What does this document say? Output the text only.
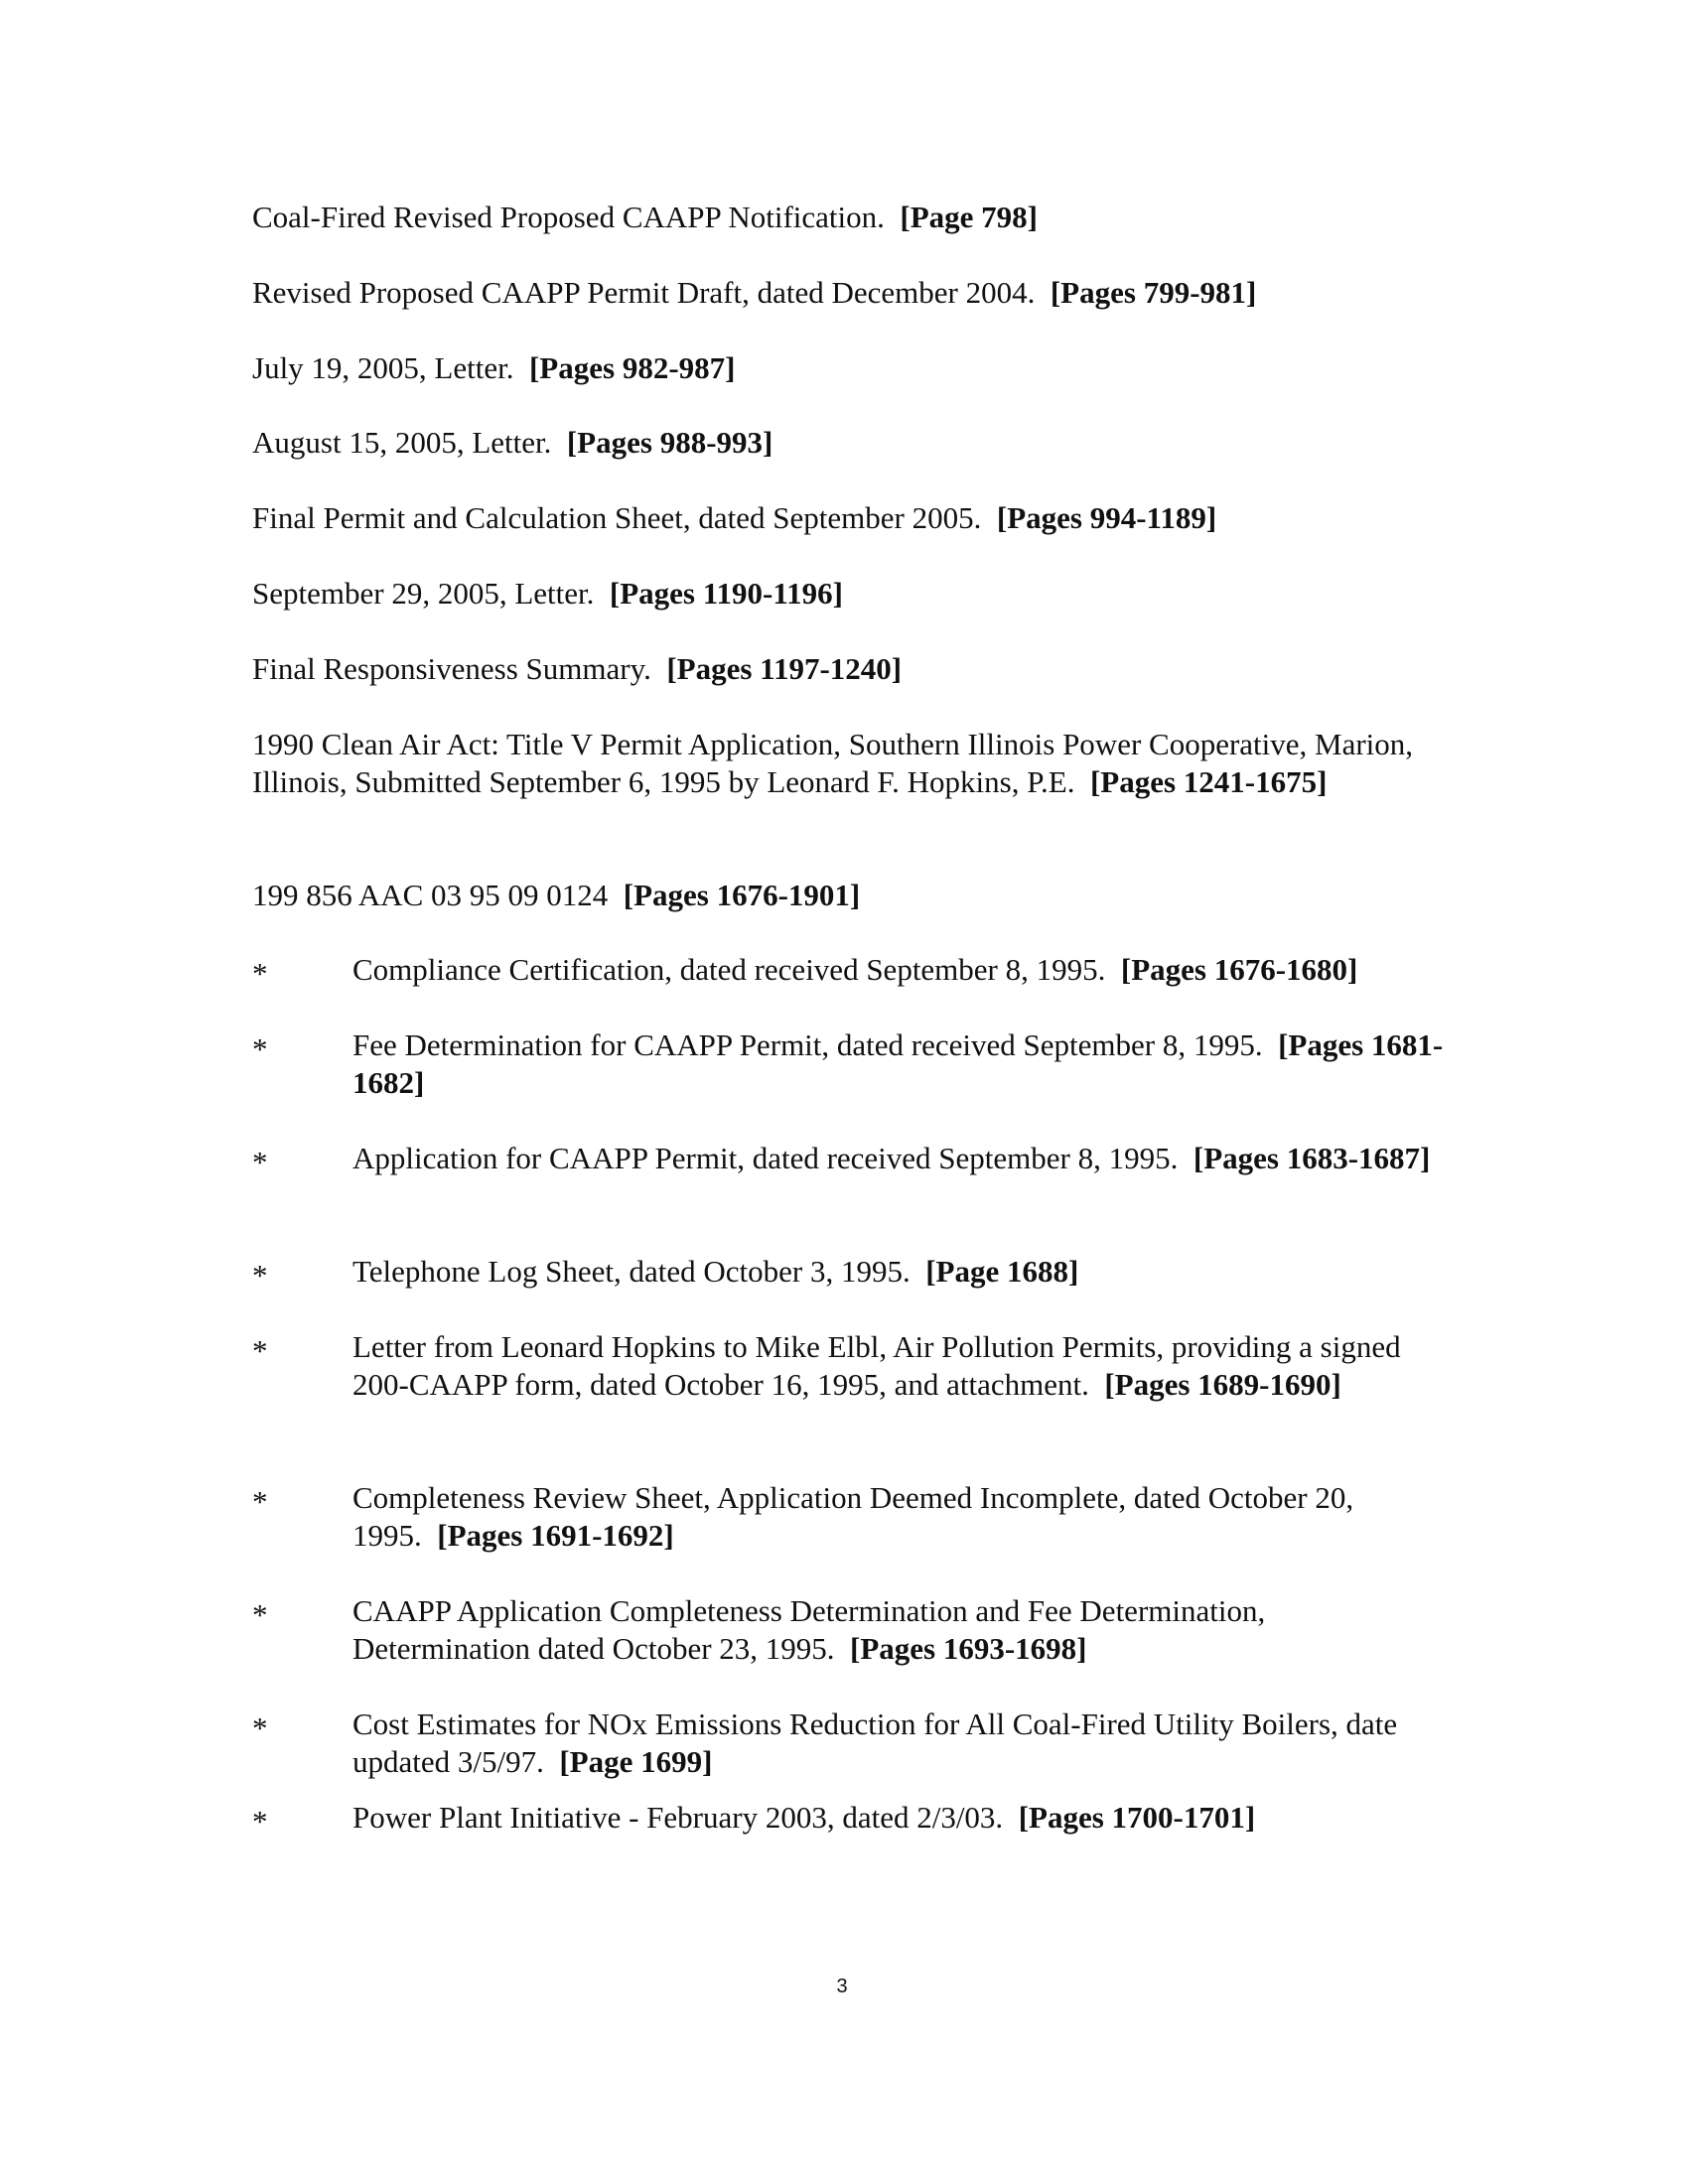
Coal-Fired Revised Proposed CAAPP Notification. [Page 798]
Revised Proposed CAAPP Permit Draft, dated December 2004. [Pages 799-981]
July 19, 2005, Letter. [Pages 982-987]
August 15, 2005, Letter. [Pages 988-993]
Final Permit and Calculation Sheet, dated September 2005. [Pages 994-1189]
September 29, 2005, Letter. [Pages 1190-1196]
Final Responsiveness Summary. [Pages 1197-1240]
1990 Clean Air Act: Title V Permit Application, Southern Illinois Power Cooperative, Marion, Illinois, Submitted September 6, 1995 by Leonard F. Hopkins, P.E. [Pages 1241-1675]
199 856 AAC 03 95 09 0124 [Pages 1676-1901]
*	Compliance Certification, dated received September 8, 1995. [Pages 1676-1680]
*	Fee Determination for CAAPP Permit, dated received September 8, 1995. [Pages 1681-1682]
*	Application for CAAPP Permit, dated received September 8, 1995. [Pages 1683-1687]
*	Telephone Log Sheet, dated October 3, 1995. [Page 1688]
*	Letter from Leonard Hopkins to Mike Elbl, Air Pollution Permits, providing a signed 200-CAAPP form, dated October 16, 1995, and attachment. [Pages 1689-1690]
*	Completeness Review Sheet, Application Deemed Incomplete, dated October 20, 1995. [Pages 1691-1692]
*	CAAPP Application Completeness Determination and Fee Determination, Determination dated October 23, 1995. [Pages 1693-1698]
*	Cost Estimates for NOx Emissions Reduction for All Coal-Fired Utility Boilers, date updated 3/5/97. [Page 1699]
*	Power Plant Initiative - February 2003, dated 2/3/03. [Pages 1700-1701]
3
